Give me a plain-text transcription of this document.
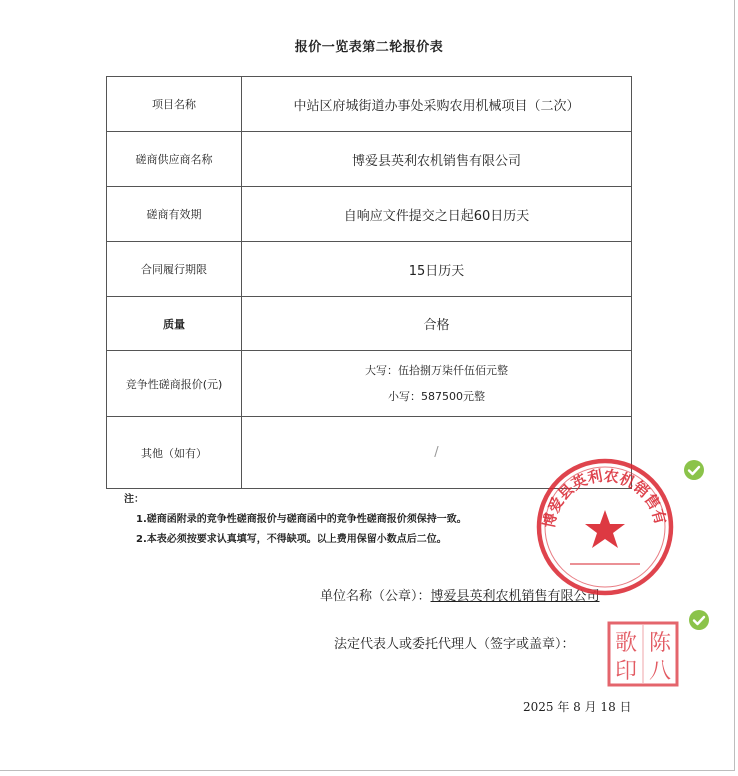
报价一览表第二轮报价表
项目名称	中站区府城街道办事处采购农用机械项目（二次）
磋商供应商名称	博爱县英利农机销售有限公司
磋商有效期	自响应文件提交之日起60日历天
合同履行期限	15日历天
质量	合格
竞争性磋商报价(元)	大写：伍拾捌万柒仟伍佰元整
小写：587500元整

其他（如有）	/
注：
1.磋商函附录的竞争性磋商报价与磋商函中的竞争性磋商报价须保持一致。
2.本表必须按要求认真填写，不得缺项。以上费用保留小数点后二位。
单位名称（公章）：博爱县英利农机销售有限公司
法定代表人或委托代理人（签字或盖章）：
2025 年 8 月 18 日
博爱县英利农机销售有
歌 陈
印 八
